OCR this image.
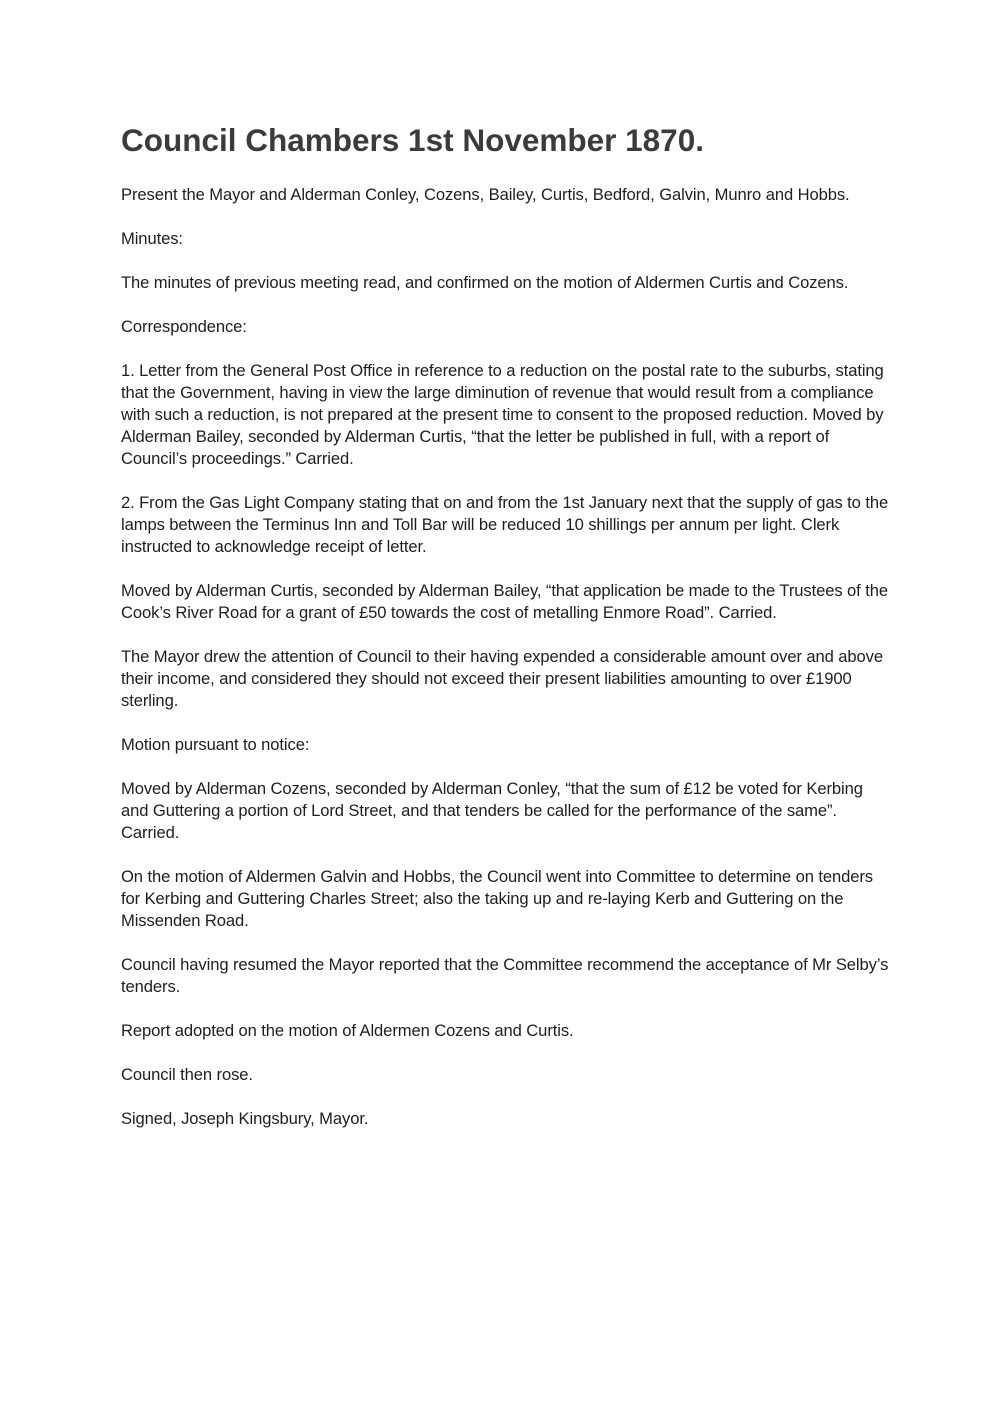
Council Chambers 1st November 1870.

Present the Mayor and Alderman Conley, Cozens, Bailey, Curtis, Bedford, Galvin, Munro and Hobbs.

Minutes:

The minutes of previous meeting read, and confirmed on the motion of Aldermen Curtis and Cozens.

Correspondence:

1. Letter from the General Post Office in reference to a reduction on the postal rate to the suburbs, stating that the Government, having in view the large diminution of revenue that would result from a compliance with such a reduction, is not prepared at the present time to consent to the proposed reduction. Moved by Alderman Bailey, seconded by Alderman Curtis, “that the letter be published in full, with a report of Council’s proceedings.” Carried.

2. From the Gas Light Company stating that on and from the 1st January next that the supply of gas to the lamps between the Terminus Inn and Toll Bar will be reduced 10 shillings per annum per light. Clerk instructed to acknowledge receipt of letter.

Moved by Alderman Curtis, seconded by Alderman Bailey, “that application be made to the Trustees of the Cook’s River Road for a grant of £50 towards the cost of metalling Enmore Road”. Carried.

The Mayor drew the attention of Council to their having expended a considerable amount over and above their income, and considered they should not exceed their present liabilities amounting to over £1900 sterling.

Motion pursuant to notice:

Moved by Alderman Cozens, seconded by Alderman Conley, “that the sum of £12 be voted for Kerbing and Guttering a portion of Lord Street, and that tenders be called for the performance of the same”. Carried.

On the motion of Aldermen Galvin and Hobbs, the Council went into Committee to determine on tenders for Kerbing and Guttering Charles Street; also the taking up and re-laying Kerb and Guttering on the Missenden Road.

Council having resumed the Mayor reported that the Committee recommend the acceptance of Mr Selby’s tenders.

Report adopted on the motion of Aldermen Cozens and Curtis.

Council then rose.

Signed, Joseph Kingsbury, Mayor.
